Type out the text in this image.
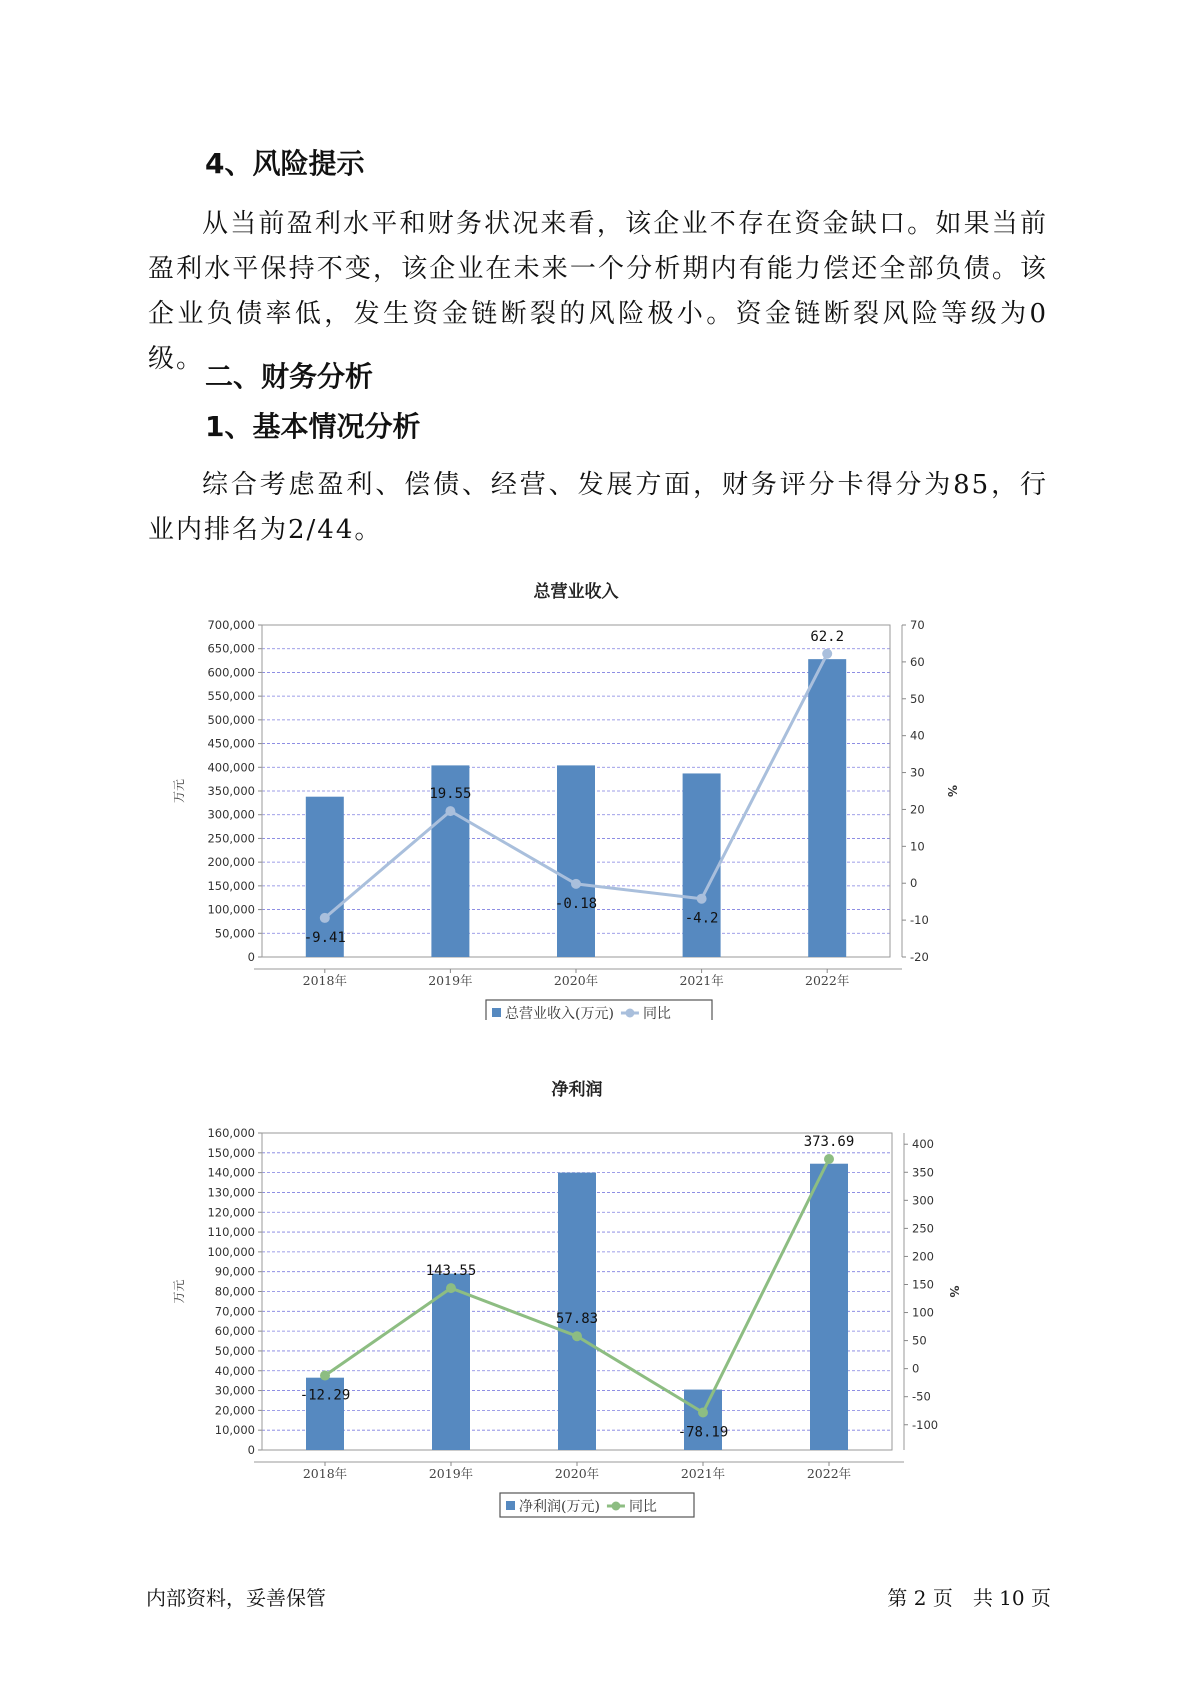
4、风险提示

从当前盈利水平和财务状况来看，该企业不存在资金缺口。如果当前盈利水平保持不变，该企业在未来一个分析期内有能力偿还全部负债。该企业负债率低，发生资金链断裂的风险极小。资金链断裂风险等级为0级。

二、财务分析
1、基本情况分析

综合考虑盈利、偿债、经营、发展方面，财务评分卡得分为85，行业内排名为2/44。

总营业收入
0
50,000
100,000
150,000
200,000
250,000
300,000
350,000
400,000
450,000
500,000
550,000
600,000
650,000
700,000
-20
-10
0
10
20
30
40
50
60
70
万元	%
2018年	2019年	2020年	2021年	2022年
-9.41
19.55
-0.18
-4.2
62.2
总营业收入(万元) 同比
净利润
0
10,000
20,000
30,000
40,000
50,000
60,000
70,000
80,000
90,000
100,000
110,000
120,000
130,000
140,000
150,000
160,000
-100
-50
0
50
100
150
200
250
300
350
400
万元	%
2018年	2019年	2020年	2021年	2022年
-12.29
143.55
57.83
-78.19
373.69
净利润(万元) 同比
内部资料，妥善保管	第 2 页　共 10 页
